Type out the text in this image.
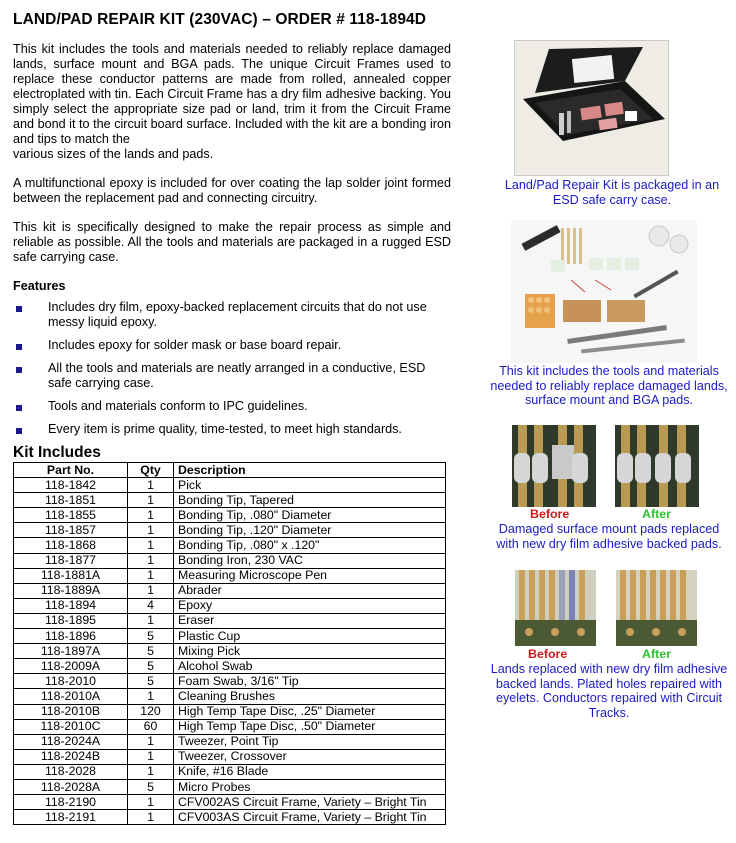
LAND/PAD REPAIR KIT (230VAC) – ORDER # 118-1894D

This kit includes the tools and materials needed to reliably replace damaged lands, surface mount and BGA pads. The unique Circuit Frames used to replace these conductor patterns are made from rolled, annealed copper electroplated with tin. Each Circuit Frame has a dry film adhesive backing. You simply select the appropriate size pad or land, trim it from the Circuit Frame and bond it to the circuit board surface. Included with the kit are a bonding iron and tips to match the
various sizes of the lands and pads.

A multifunctional epoxy is included for over coating the lap solder joint formed between the replacement pad and connecting circuitry.

This kit is specifically designed to make the repair process as simple and reliable as possible. All the tools and materials are packaged in a rugged ESD safe carrying case.

Features
Includes dry film, epoxy-backed replacement circuits that do not use messy liquid epoxy.
Includes epoxy for solder mask or base board repair.
All the tools and materials are neatly arranged in a conductive, ESD safe carrying case.
Tools and materials conform to IPC guidelines.
Every item is prime quality, time-tested, to meet high standards.
Kit Includes
Part No.	Qty	Description
118-1842	1	Pick
118-1851	1	Bonding Tip, Tapered
118-1855	1	Bonding Tip, .080" Diameter
118-1857	1	Bonding Tip, .120" Diameter
118-1868	1	Bonding Tip, .080" x .120"
118-1877	1	Bonding Iron, 230 VAC
118-1881A	1	Measuring Microscope Pen
118-1889A	1	Abrader
118-1894	4	Epoxy
118-1895	1	Eraser
118-1896	5	Plastic Cup
118-1897A	5	Mixing Pick
118-2009A	5	Alcohol Swab
118-2010	5	Foam Swab, 3/16" Tip
118-2010A	1	Cleaning Brushes
118-2010B	120	High Temp Tape Disc, .25" Diameter
118-2010C	60	High Temp Tape Disc, .50" Diameter
118-2024A	1	Tweezer, Point Tip
118-2024B	1	Tweezer, Crossover
118-2028	1	Knife, #16 Blade
118-2028A	5	Micro Probes
118-2190	1	CFV002AS Circuit Frame, Variety – Bright Tin
118-2191	1	CFV003AS Circuit Frame, Variety – Bright Tin
Land/Pad Repair Kit is packaged in an ESD safe carry case.
This kit includes the tools and materials needed to reliably replace damaged lands, surface mount and BGA pads.
Before	After
Damaged surface mount pads replaced with new dry film adhesive backed pads.
Before	After
Lands replaced with new dry film adhesive backed lands. Plated holes repaired with eyelets. Conductors repaired with Circuit Tracks.
